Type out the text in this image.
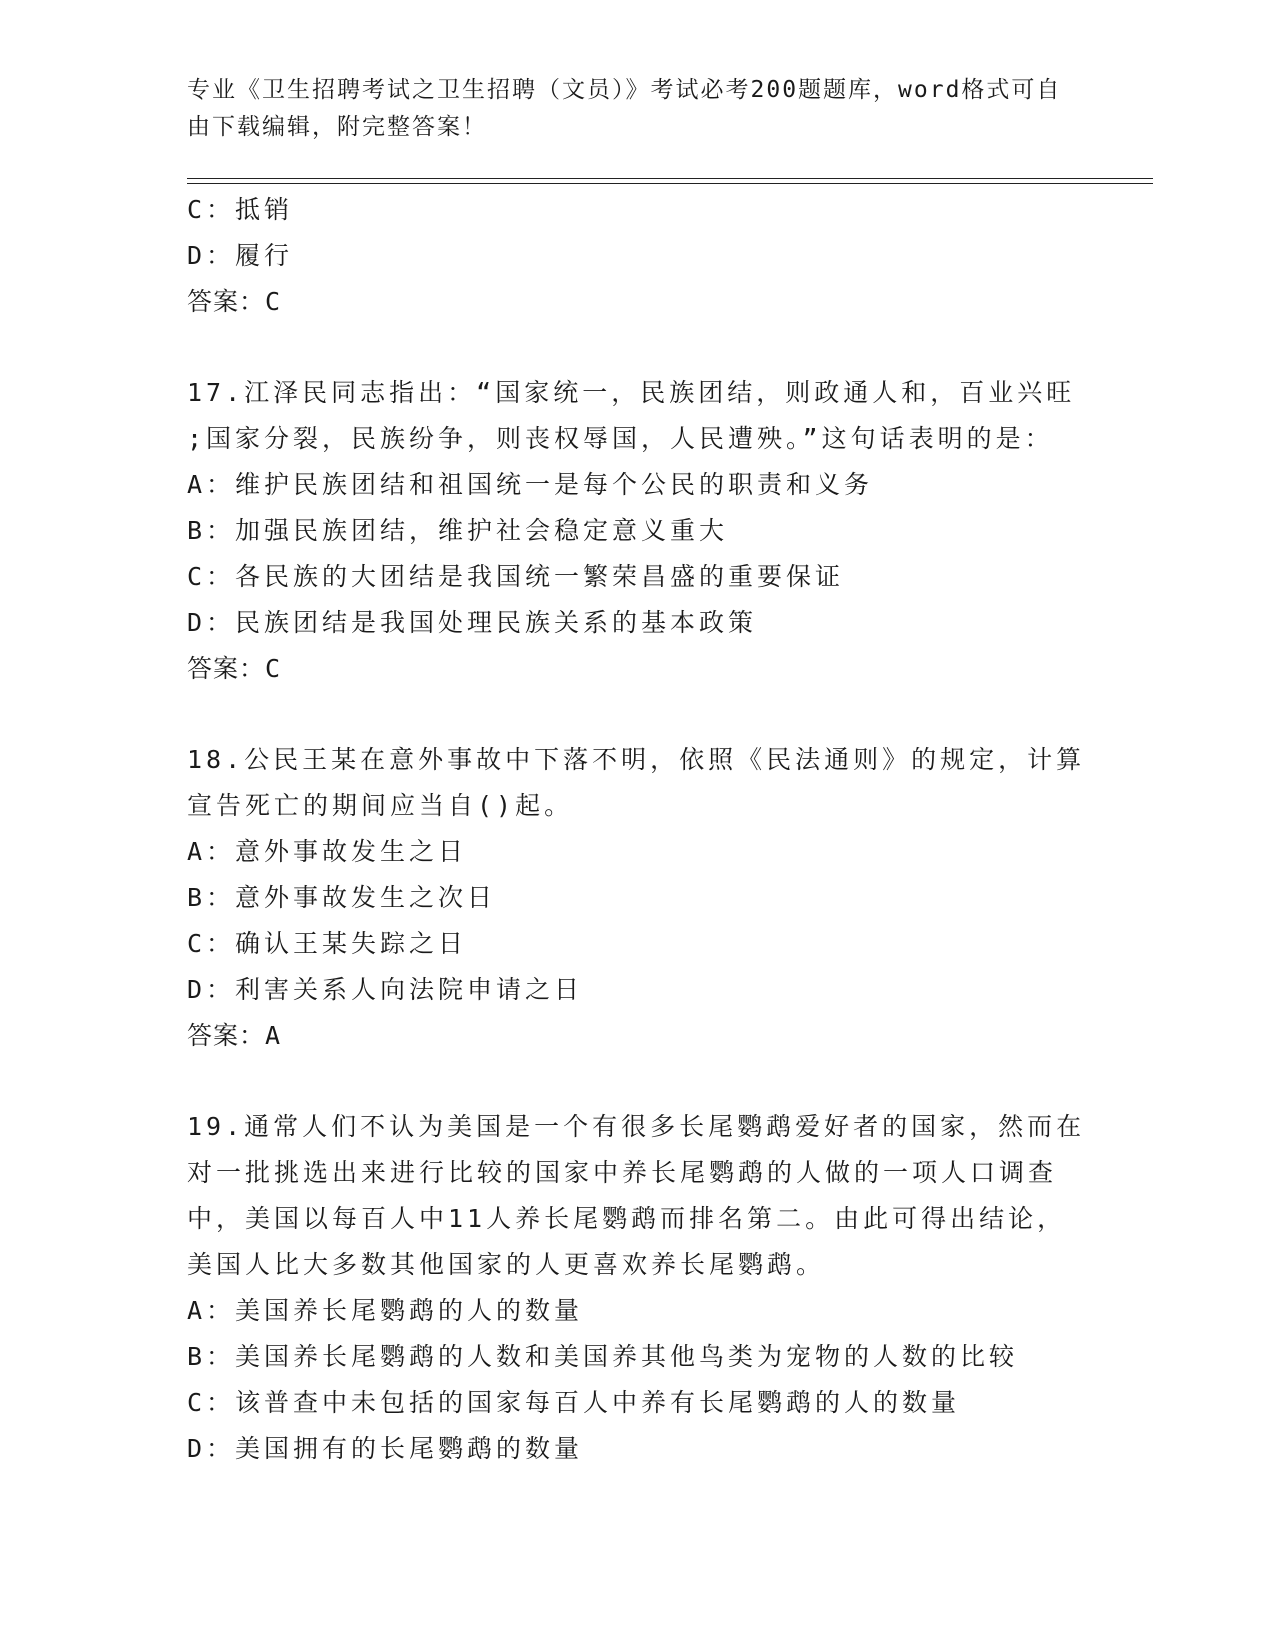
专业《卫生招聘考试之卫生招聘（文员）》考试必考200题题库，word格式可自
由下载编辑，附完整答案！
C：抵销
D：履行
答案：C
17.江泽民同志指出：“国家统一，民族团结，则政通人和，百业兴旺
;国家分裂，民族纷争，则丧权辱国，人民遭殃。”这句话表明的是：
A：维护民族团结和祖国统一是每个公民的职责和义务
B：加强民族团结，维护社会稳定意义重大
C：各民族的大团结是我国统一繁荣昌盛的重要保证
D：民族团结是我国处理民族关系的基本政策
答案：C
18.公民王某在意外事故中下落不明，依照《民法通则》的规定，计算
宣告死亡的期间应当自()起。
A：意外事故发生之日
B：意外事故发生之次日
C：确认王某失踪之日
D：利害关系人向法院申请之日
答案：A
19.通常人们不认为美国是一个有很多长尾鹦鹉爱好者的国家，然而在
对一批挑选出来进行比较的国家中养长尾鹦鹉的人做的一项人口调查
中，美国以每百人中11人养长尾鹦鹉而排名第二。由此可得出结论，
美国人比大多数其他国家的人更喜欢养长尾鹦鹉。
A：美国养长尾鹦鹉的人的数量
B：美国养长尾鹦鹉的人数和美国养其他鸟类为宠物的人数的比较
C：该普查中未包括的国家每百人中养有长尾鹦鹉的人的数量
D：美国拥有的长尾鹦鹉的数量
